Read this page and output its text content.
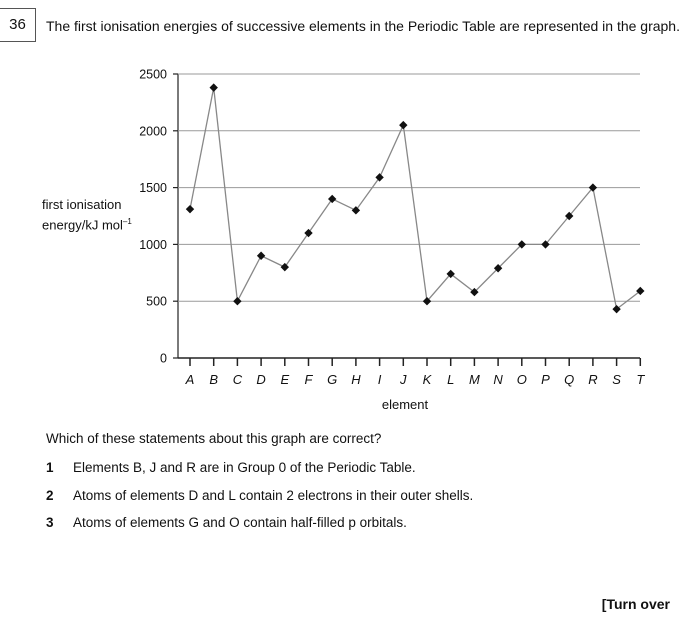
36	The first ionisation energies of successive elements in the Periodic Table are represented in the graph.
first ionisation
energy/kJ mol$^{-1}$
0
500
1000
1500
2000
2500
A B C D E F G H I J K L M N O P Q R S T
element
Which of these statements about this graph are correct?
1 Elements B, J and R are in Group 0 of the Periodic Table.
2 Atoms of elements D and L contain 2 electrons in their outer shells.
3 Atoms of elements G and O contain half-filled p orbitals.
[Turn over
